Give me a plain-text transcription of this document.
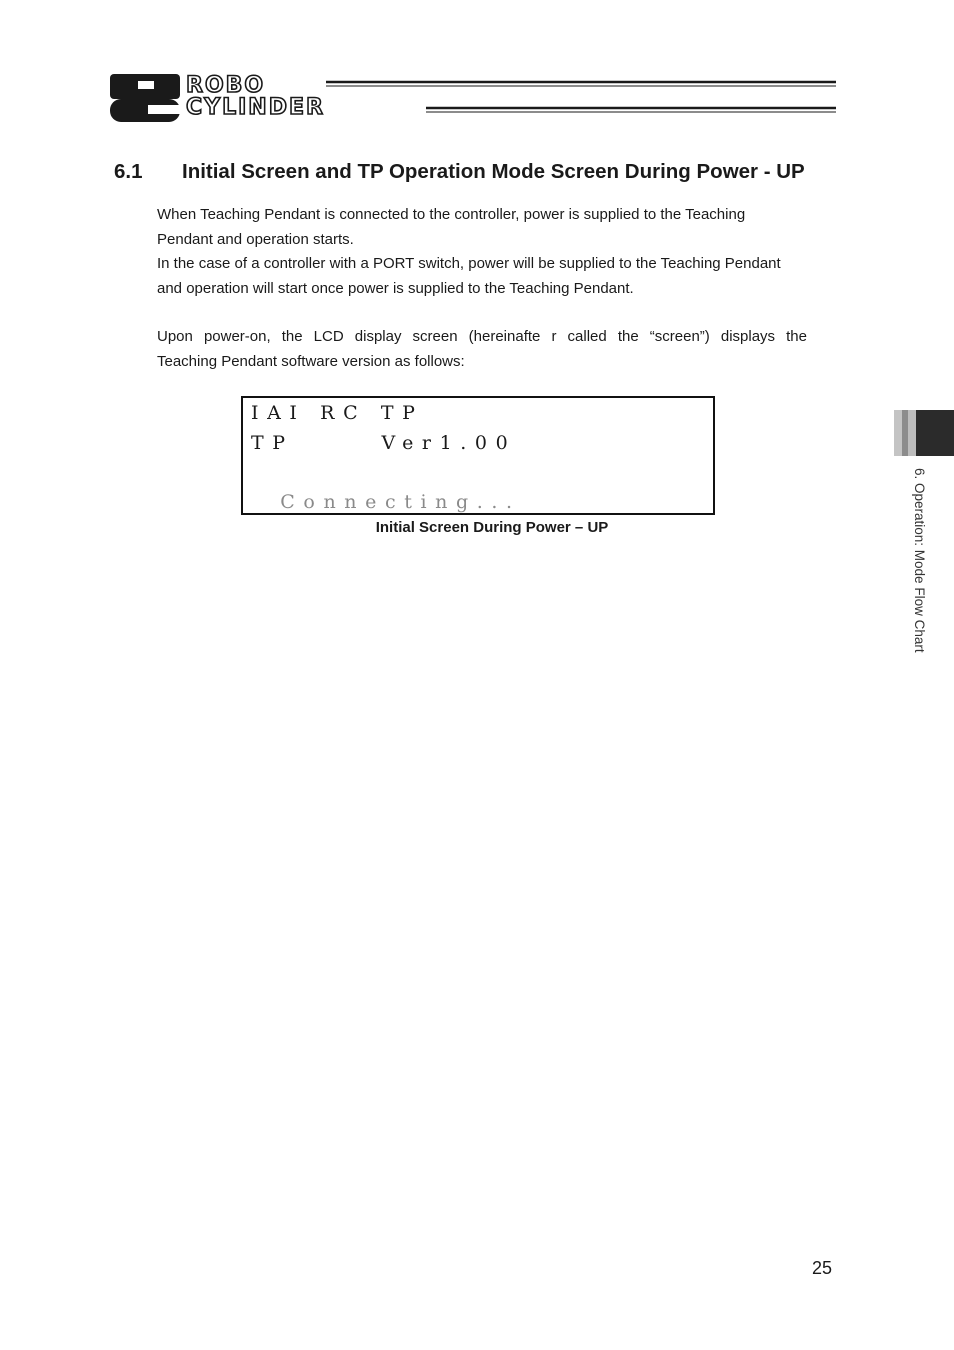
ROBO
CYLINDER
6.1 Initial Screen and TP Operation Mode Screen During Power - UP

When Teaching Pendant is connected to the controller, power is supplied to the Teaching

Pendant and operation starts.

In the case of a controller with a PORT switch, power will be supplied to the Teaching Pendant

and operation will start once power is supplied to the Teaching Pendant.

Upon power-on, the LCD display screen (hereinafte r called the “screen”) displays the

Teaching Pendant software version as follows:

IAI RC TP
TP      Ver1.00
Connecting...
Initial Screen During Power – UP	6. Operation: Mode Flow Chart
25
